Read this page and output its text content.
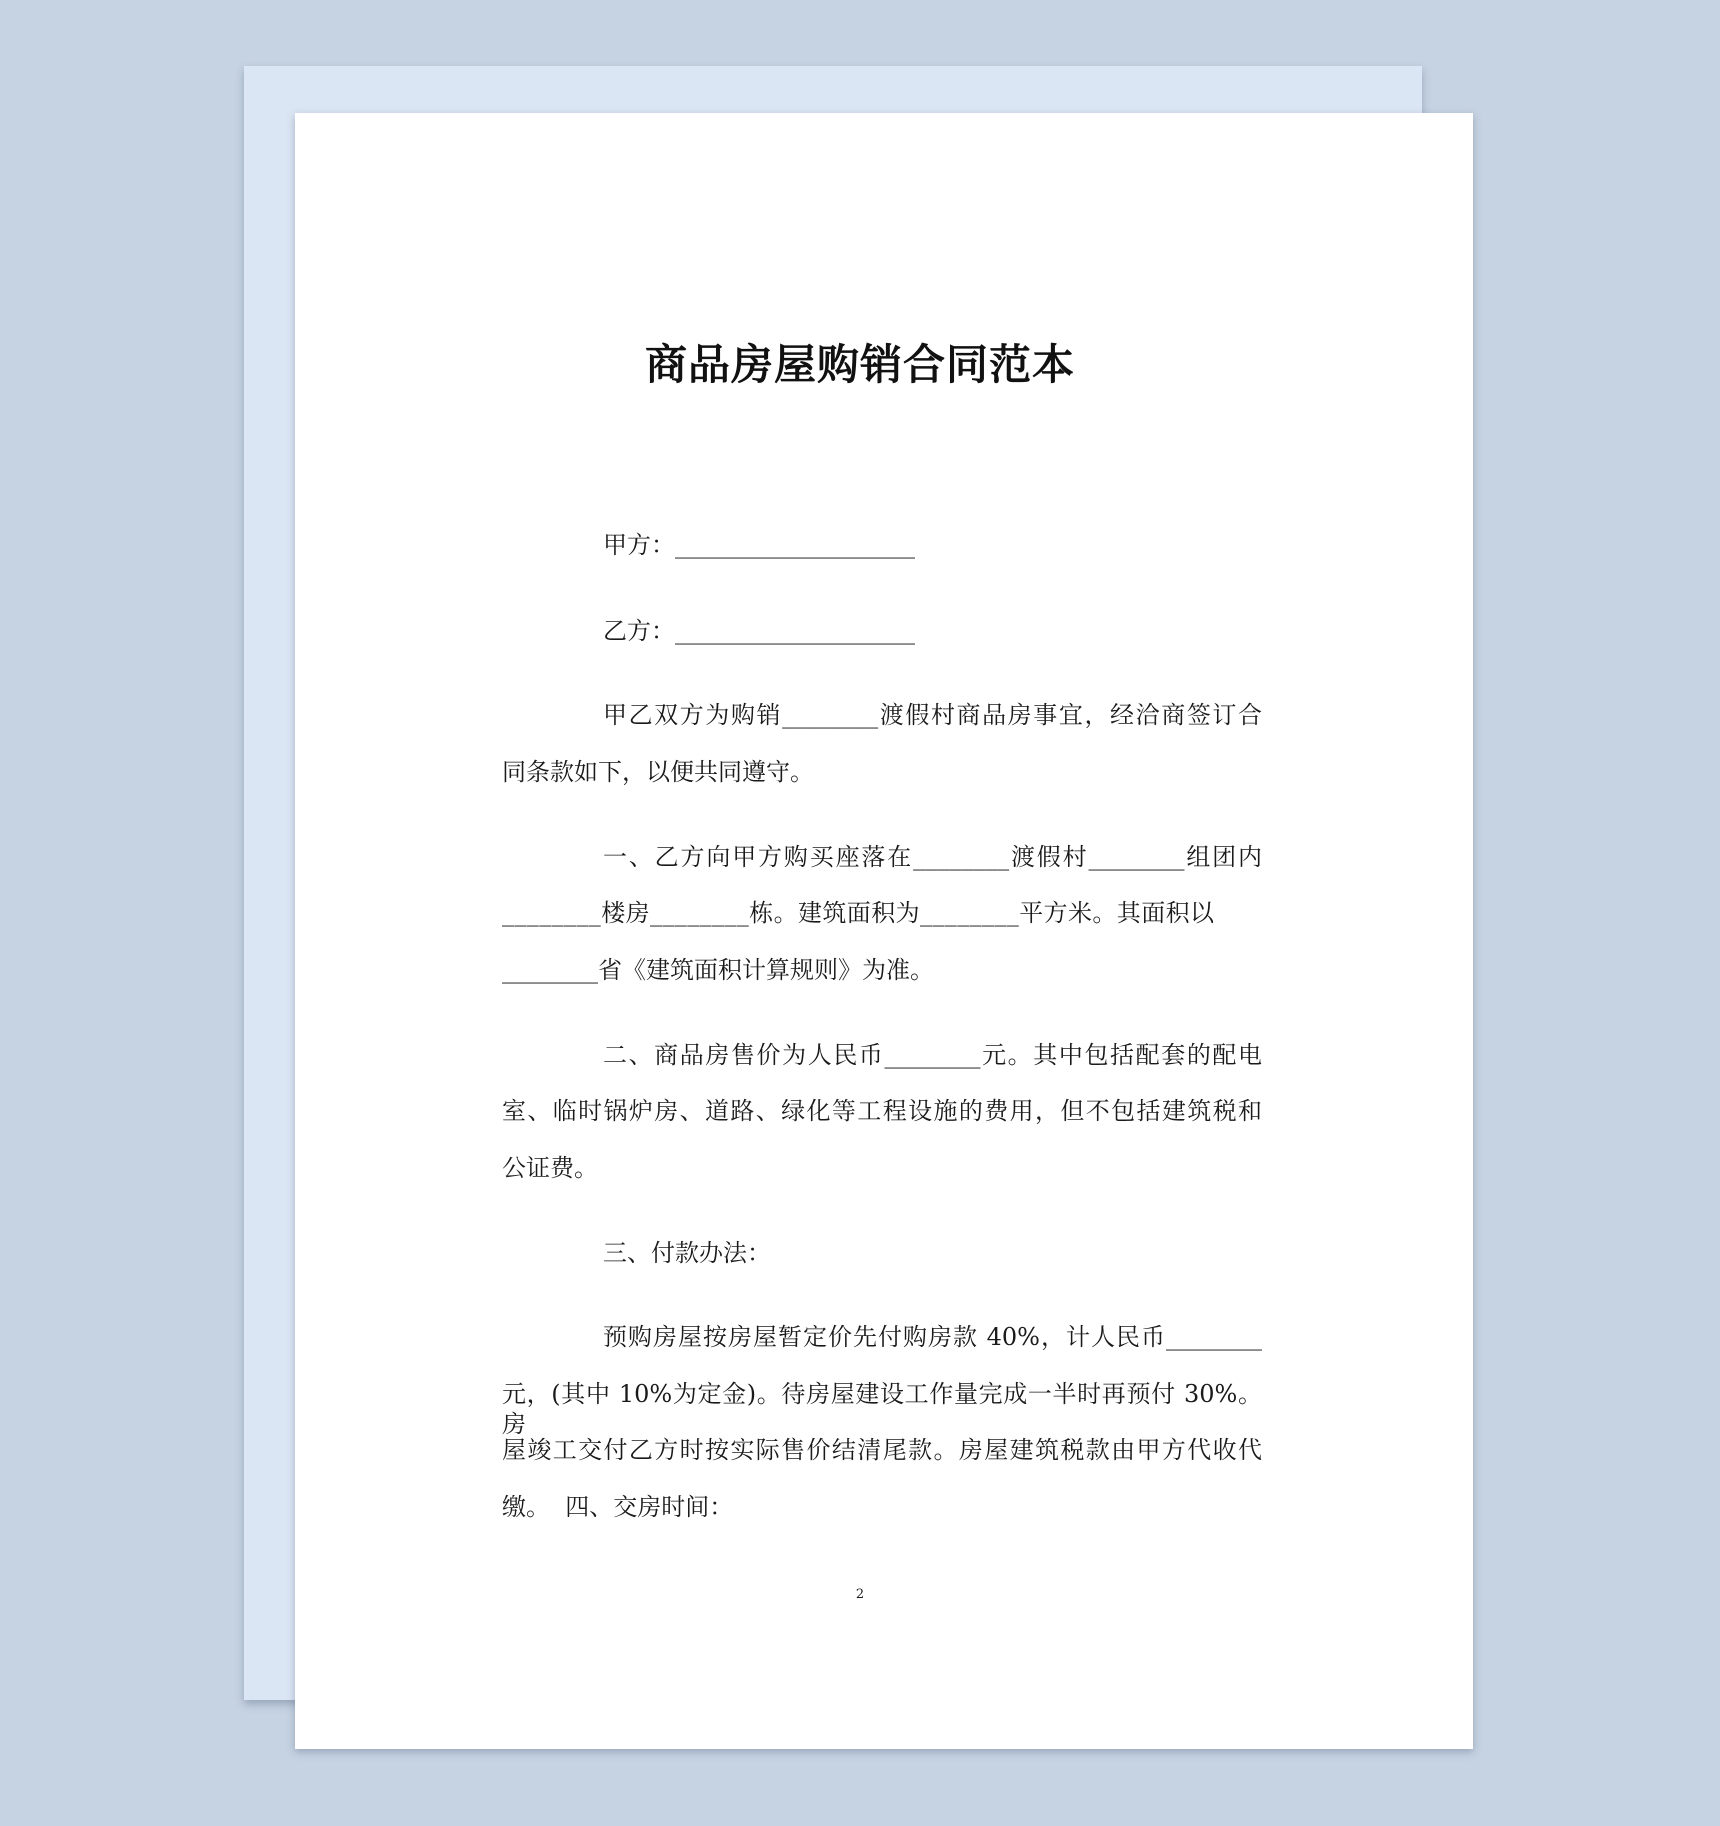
商品房屋购销合同范本
甲方：____________________
乙方：____________________
甲乙双方为购销________渡假村商品房事宜，经洽商签订合
同条款如下，以便共同遵守。
一、乙方向甲方购买座落在________渡假村________组团内
________楼房________栋。建筑面积为________平方米。其面积以
________省《建筑面积计算规则》为准。
二、商品房售价为人民币________元。其中包括配套的配电
室、临时锅炉房、道路、绿化等工程设施的费用，但不包括建筑税和
公证费。
三、付款办法：
预购房屋按房屋暂定价先付购房款 40%，计人民币________
元，(其中 10%为定金)。待房屋建设工作量完成一半时再预付 30%。房
屋竣工交付乙方时按实际售价结清尾款。房屋建筑税款由甲方代收代
缴。  四、交房时间：
2
